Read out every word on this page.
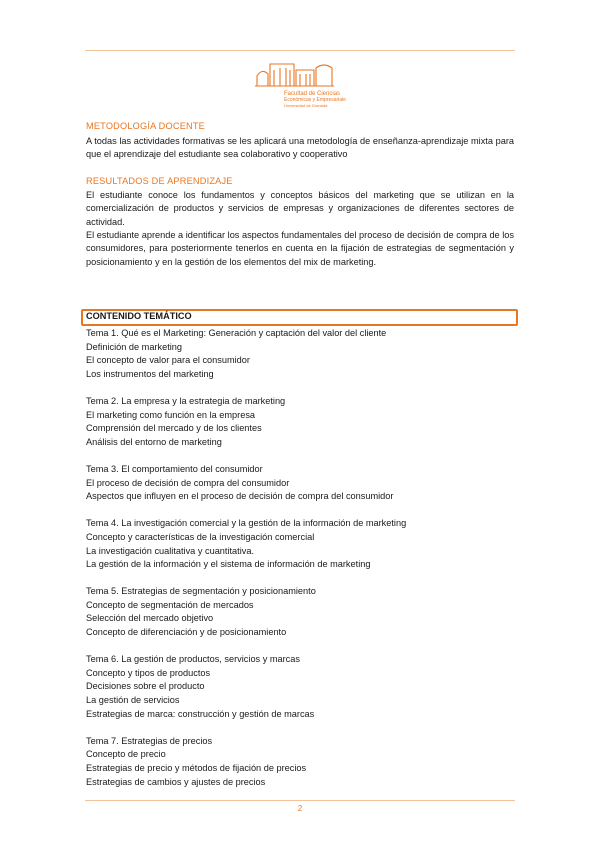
Facultad de Ciencias
Económicas y Empresariales
Universidad de Granada
METODOLOGÍA DOCENTE

A todas las actividades formativas se les aplicará una metodología de enseñanza-aprendizaje mixta para que el aprendizaje del estudiante sea colaborativo y cooperativo

RESULTADOS DE APRENDIZAJE

El estudiante conoce los fundamentos y conceptos básicos del marketing que se utilizan en la comercialización de productos y servicios de empresas y organizaciones de diferentes sectores de actividad.

El estudiante aprende a identificar los aspectos fundamentales del proceso de decisión de compra de los consumidores, para posteriormente tenerlos en cuenta en la fijación de estrategias de segmentación y posicionamiento y en la gestión de los elementos del mix de marketing.

CONTENIDO TEMÁTICO
Tema 1. Qué es el Marketing: Generación y captación del valor del cliente
Definición de marketing
El concepto de valor para el consumidor
Los instrumentos del marketing
Tema 2. La empresa y la estrategia de marketing
El marketing como función en la empresa
Comprensión del mercado y de los clientes
Análisis del entorno de marketing
Tema 3. El comportamiento del consumidor
El proceso de decisión de compra del consumidor
Aspectos que influyen en el proceso de decisión de compra del consumidor
Tema 4. La investigación comercial y la gestión de la información de marketing
Concepto y características de la investigación comercial
La investigación cualitativa y cuantitativa.
La gestión de la información y el sistema de información de marketing
Tema 5. Estrategias de segmentación y posicionamiento
Concepto de segmentación de mercados
Selección del mercado objetivo
Concepto de diferenciación y de posicionamiento
Tema 6. La gestión de productos, servicios y marcas
Concepto y tipos de productos
Decisiones sobre el producto
La gestión de servicios
Estrategias de marca: construcción y gestión de marcas
Tema 7. Estrategias de precios
Concepto de precio
Estrategias de precio y métodos de fijación de precios
Estrategias de cambios y ajustes de precios
2
